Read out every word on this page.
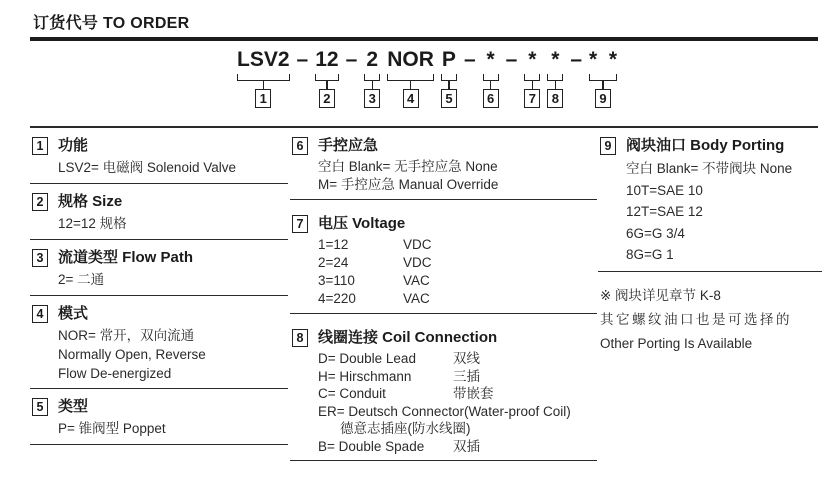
订货代号 TO ORDER
LSV2
1
– 12
2
– 2
3
NOR
4
P
5
– *
6
– *
7
*
8
– *  *
9
1 功能
LSV2= 电磁阀 Solenoid Valve
2 规格 Size
12=12 规格
3 流道类型 Flow Path
2= 二通
4 模式
NOR= 常开，双向流通
Normally Open, Reverse
Flow De-energized
5 类型
P= 锥阀型 Poppet
6 手控应急
空白 Blank= 无手控应急 None
M= 手控应急 Manual Override
7 电压 Voltage
1=12	VDC
2=24	VDC
3=110	VAC
4=220	VAC
8 线圈连接 Coil Connection
D= Double Lead	双线
H= Hirschmann	三插
C= Conduit	带嵌套
ER= Deutsch Connector(Water-proof Coil)
德意志插座(防水线圈)
B= Double Spade	双插
9 阀块油口 Body Porting
空白 Blank= 不带阀块 None
10T=SAE 10
12T=SAE 12
6G=G 3/4
8G=G 1
※ 阀块详见章节 K-8
其它螺纹油口也是可选择的
Other Porting Is Available
